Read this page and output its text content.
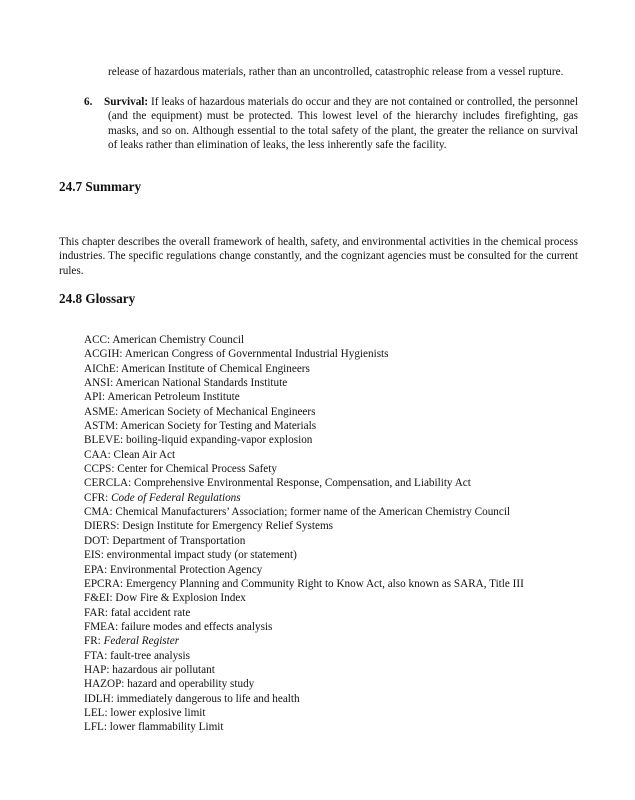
release of hazardous materials, rather than an uncontrolled, catastrophic release from a vessel rupture.
6. Survival: If leaks of hazardous materials do occur and they are not contained or controlled, the personnel (and the equipment) must be protected. This lowest level of the hierarchy includes firefighting, gas masks, and so on. Although essential to the total safety of the plant, the greater the reliance on survival of leaks rather than elimination of leaks, the less inherently safe the facility.
24.7 Summary
This chapter describes the overall framework of health, safety, and environmental activities in the chemical process industries. The specific regulations change constantly, and the cognizant agencies must be consulted for the current rules.
24.8 Glossary
ACC: American Chemistry Council
ACGIH: American Congress of Governmental Industrial Hygienists
AIChE: American Institute of Chemical Engineers
ANSI: American National Standards Institute
API: American Petroleum Institute
ASME: American Society of Mechanical Engineers
ASTM: American Society for Testing and Materials
BLEVE: boiling-liquid expanding-vapor explosion
CAA: Clean Air Act
CCPS: Center for Chemical Process Safety
CERCLA: Comprehensive Environmental Response, Compensation, and Liability Act
CFR: Code of Federal Regulations
CMA: Chemical Manufacturers’ Association; former name of the American Chemistry Council
DIERS: Design Institute for Emergency Relief Systems
DOT: Department of Transportation
EIS: environmental impact study (or statement)
EPA: Environmental Protection Agency
EPCRA: Emergency Planning and Community Right to Know Act, also known as SARA, Title III
F&EI: Dow Fire & Explosion Index
FAR: fatal accident rate
FMEA: failure modes and effects analysis
FR: Federal Register
FTA: fault-tree analysis
HAP: hazardous air pollutant
HAZOP: hazard and operability study
IDLH: immediately dangerous to life and health
LEL: lower explosive limit
LFL: lower flammability Limit
